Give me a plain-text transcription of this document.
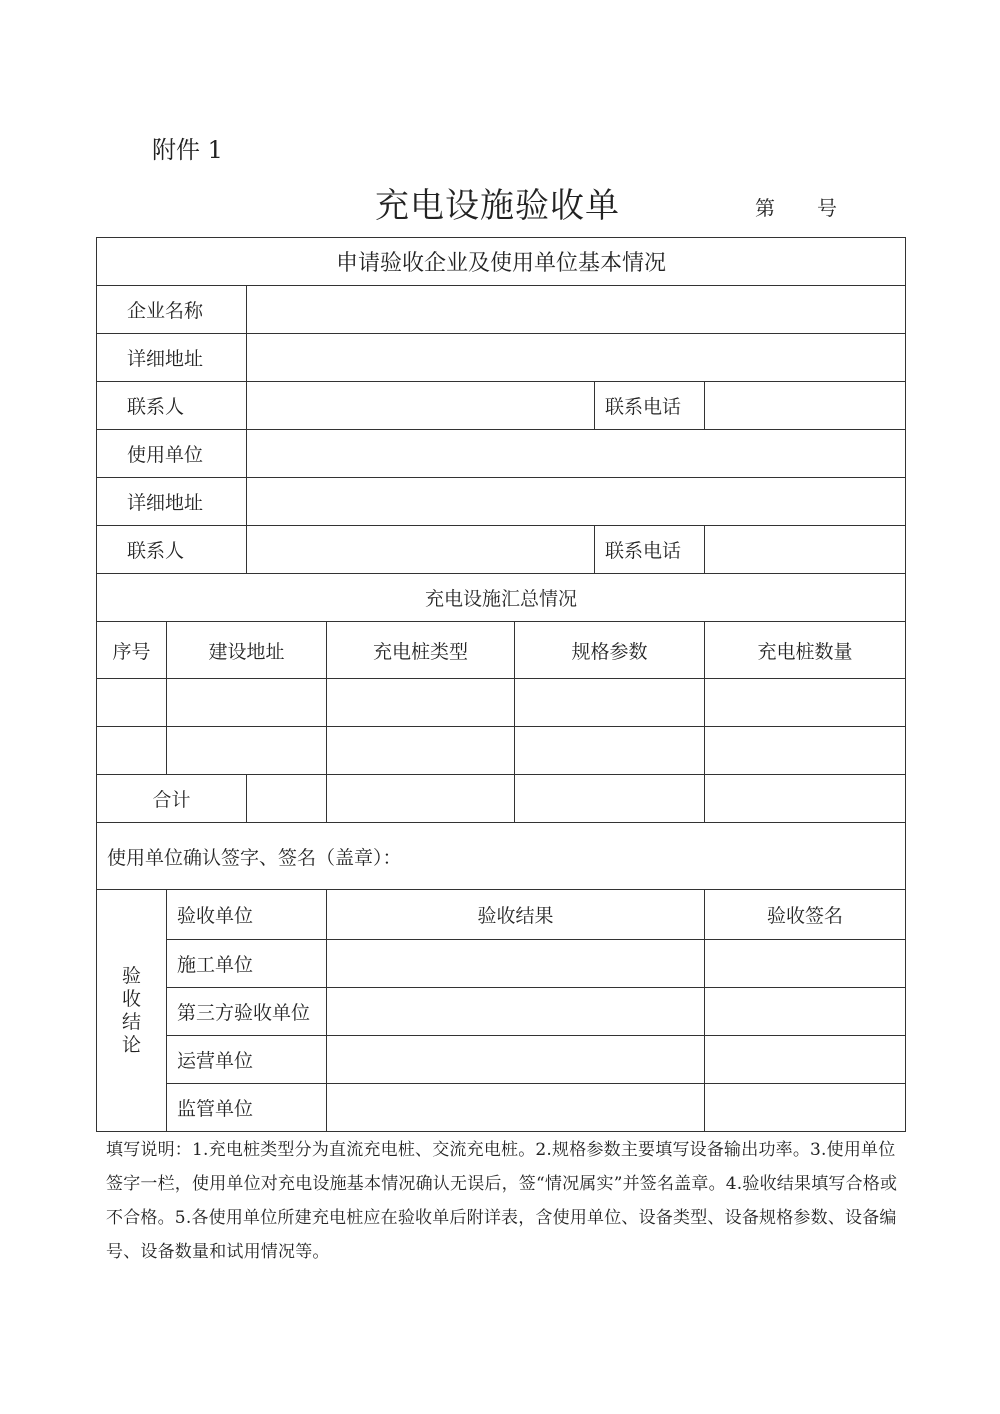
附件 1
充电设施验收单	第 号
申请验收企业及使用单位基本情况						
企业名称						
详细地址						
联系人					联系电话	
使用单位						
详细地址						
联系人					联系电话	
充电设施汇总情况						
序号	建设地址		充电桩类型	规格参数		充电桩数量

合计						
使用单位确认签字、签名（盖章）：						

验
收
结
论	验收单位		验收结果			验收签名
	施工单位					
	第三方验收单位					
	运营单位					
	监管单位					
填写说明：1.充电桩类型分为直流充电桩、交流充电桩。2.规格参数主要填写设备输出功率。3.使用单位签字一栏，使用单位对充电设施基本情况确认无误后，签“情况属实”并签名盖章。4.验收结果填写合格或不合格。5.各使用单位所建充电桩应在验收单后附详表，含使用单位、设备类型、设备规格参数、设备编号、设备数量和试用情况等。
